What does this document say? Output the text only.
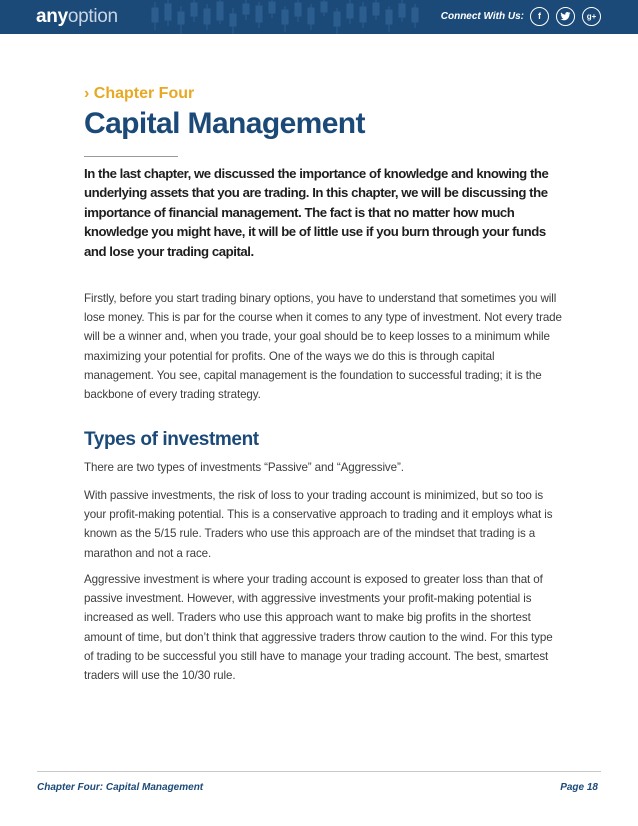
anyoption	Connect With Us:	f	g+
› Chapter Four
Capital Management

In the last chapter, we discussed the importance of knowledge and knowing the underlying assets that you are trading. In this chapter, we will be discussing the importance of financial management. The fact is that no matter how much knowledge you might have, it will be of little use if you burn through your funds and lose your trading capital.

Firstly, before you start trading binary options, you have to understand that sometimes you will lose money. This is par for the course when it comes to any type of investment. Not every trade will be a winner and, when you trade, your goal should be to keep losses to a minimum while maximizing your potential for profits. One of the ways we do this is through capital management. You see, capital management is the foundation to successful trading; it is the backbone of every trading strategy.

Types of investment

There are two types of investments “Passive” and “Aggressive”.

With passive investments, the risk of loss to your trading account is minimized, but so too is your profit-making potential. This is a conservative approach to trading and it employs what is known as the 5/15 rule. Traders who use this approach are of the mindset that trading is a marathon and not a race.

Aggressive investment is where your trading account is exposed to greater loss than that of passive investment. However, with aggressive investments your profit-making potential is increased as well. Traders who use this approach want to make big profits in the shortest amount of time, but don’t think that aggressive traders throw caution to the wind. For this type of trading to be successful you still have to manage your trading account. The best, smartest traders will use the 10/30 rule.

Chapter Four: Capital Management	Page 18
